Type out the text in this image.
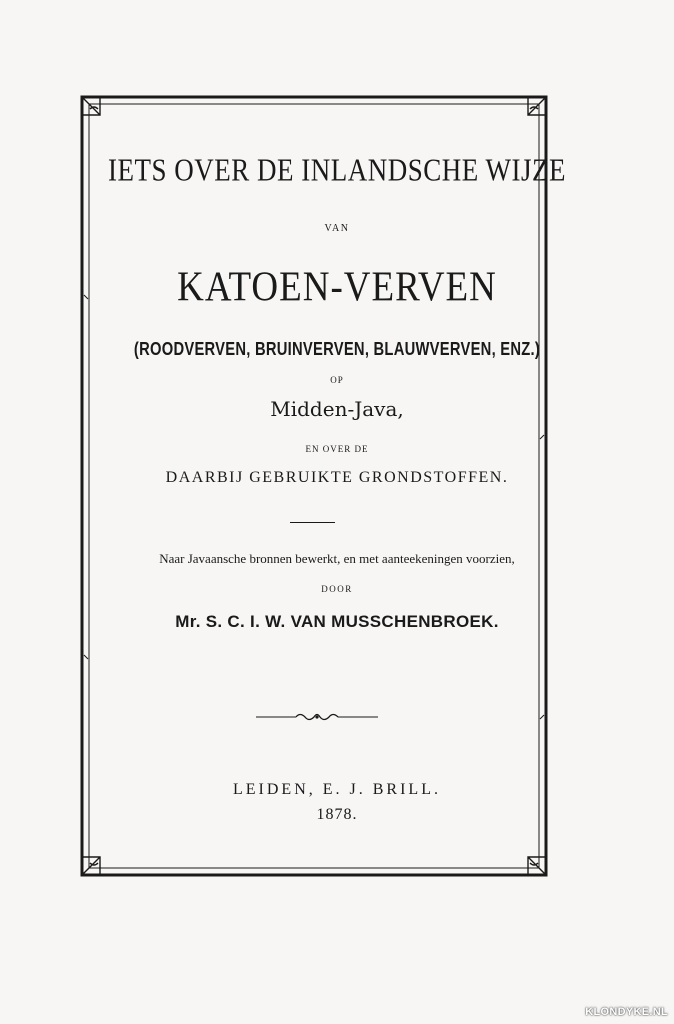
IETS OVER DE INLANDSCHE WIJZE
VAN
KATOEN-VERVEN
(ROODVERVEN, BRUINVERVEN, BLAUWVERVEN, ENZ.)
OP
Midden-Java,
EN OVER DE
DAARBIJ GEBRUIKTE GRONDSTOFFEN.
Naar Javaansche bronnen bewerkt, en met aanteekeningen voorzien,
DOOR
Mr. S. C. I. W. VAN MUSSCHENBROEK.
LEIDEN, E. J. BRILL.
1878.
KLONDYKE.NL
